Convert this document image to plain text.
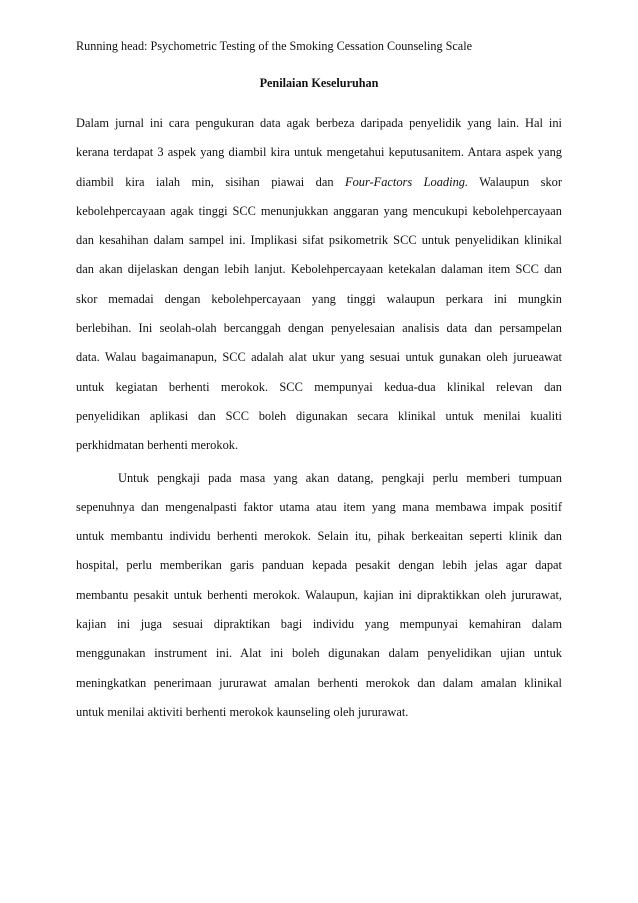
Running head: Psychometric Testing of the Smoking Cessation Counseling Scale
Penilaian Keseluruhan

Dalam jurnal ini cara pengukuran data agak berbeza daripada penyelidik yang lain. Hal ini
kerana terdapat 3 aspek yang diambil kira untuk mengetahui keputusanitem. Antara aspek yang
diambil kira ialah min, sisihan piawai dan Four-Factors Loading. Walaupun skor
kebolehpercayaan agak tinggi SCC menunjukkan anggaran yang mencukupi kebolehpercayaan
dan kesahihan dalam sampel ini. Implikasi sifat psikometrik SCC untuk penyelidikan klinikal
dan akan dijelaskan dengan lebih lanjut. Kebolehpercayaan ketekalan dalaman item SCC dan
skor memadai dengan kebolehpercayaan yang tinggi walaupun perkara ini mungkin
berlebihan. Ini seolah-olah bercanggah dengan penyelesaian analisis data dan persampelan
data. Walau bagaimanapun, SCC adalah alat ukur yang sesuai untuk gunakan oleh jurueawat
untuk kegiatan berhenti merokok. SCC mempunyai kedua-dua klinikal relevan dan
penyelidikan aplikasi dan SCC boleh digunakan secara klinikal untuk menilai kualiti
perkhidmatan berhenti merokok.

Untuk pengkaji pada masa yang akan datang, pengkaji perlu memberi tumpuan
sepenuhnya dan mengenalpasti faktor utama atau item yang mana membawa impak positif
untuk membantu individu berhenti merokok. Selain itu, pihak berkeaitan seperti klinik dan
hospital, perlu memberikan garis panduan kepada pesakit dengan lebih jelas agar dapat
membantu pesakit untuk berhenti merokok. Walaupun, kajian ini dipraktikkan oleh jururawat,
kajian ini juga sesuai dipraktikan bagi individu yang mempunyai kemahiran dalam
menggunakan instrument ini. Alat ini boleh digunakan dalam penyelidikan ujian untuk
meningkatkan penerimaan jururawat amalan berhenti merokok dan dalam amalan klinikal
untuk menilai aktiviti berhenti merokok kaunseling oleh jururawat.
